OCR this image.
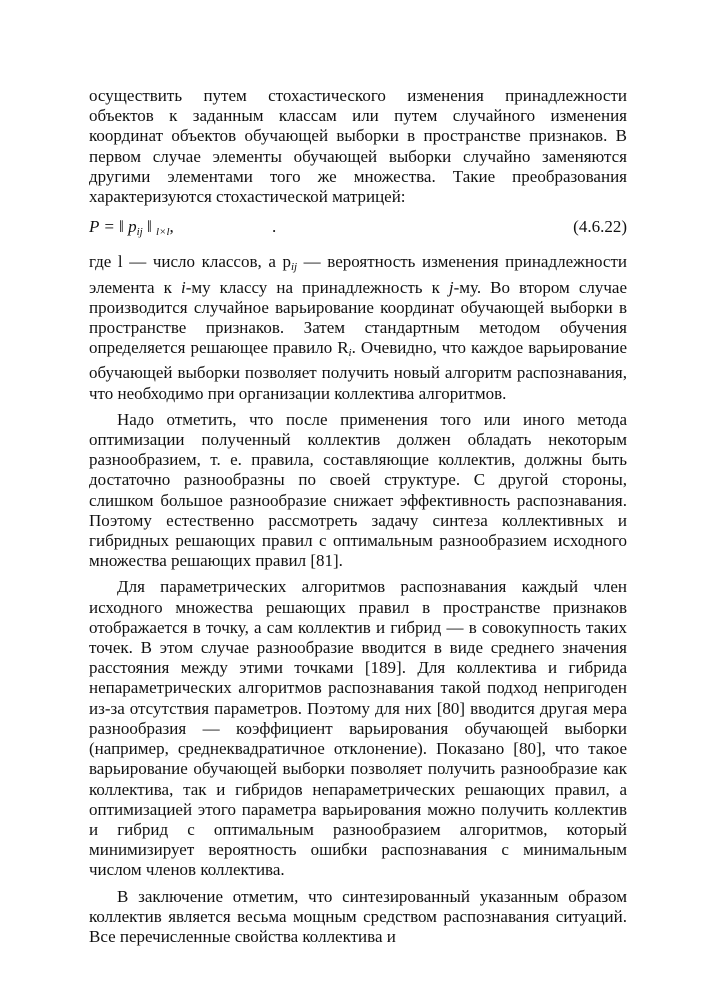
осуществить путем стохастического изменения принадлежности объектов к заданным классам или путем случайного изменения координат объектов обучающей выборки в пространстве признаков. В первом случае элементы обучающей выборки случайно заменяются другими элементами того же множества. Такие преобразования характеризуются стохастической матрицей:

P = ‖ $p_{ij}$ ‖ $_{l\times l}$,	.	(4.6.22)

где l — число классов, а $p_{ij}$ — вероятность изменения принадлежности элемента к i-му классу на принадлежность к j-му. Во втором случае производится случайное варьирование координат обучающей выборки в пространстве признаков. Затем стандартным методом обучения определяется решающее правило $R_i$. Очевидно, что каждое варьирование обучающей выборки позволяет получить новый алгоритм распознавания, что необходимо при организации коллектива алгоритмов.

Надо отметить, что после применения того или иного метода оптимизации полученный коллектив должен обладать некоторым разнообразием, т. е. правила, составляющие коллектив, должны быть достаточно разнообразны по своей структуре. С другой стороны, слишком большое разнообразие снижает эффективность распознавания. Поэтому естественно рассмотреть задачу синтеза коллективных и гибридных решающих правил с оптимальным разнообразием исходного множества решающих правил [81].

Для параметрических алгоритмов распознавания каждый член исходного множества решающих правил в пространстве признаков отображается в точку, а сам коллектив и гибрид — в совокупность таких точек. В этом случае разнообразие вводится в виде среднего значения расстояния между этими точками [189]. Для коллектива и гибрида непараметрических алгоритмов распознавания такой подход непригоден из-за отсутствия параметров. Поэтому для них [80] вводится другая мера разнообразия — коэффициент варьирования обучающей выборки (например, среднеквадратичное отклонение). Показано [80], что такое варьирование обучающей выборки позволяет получить разнообразие как коллектива, так и гибридов непараметрических решающих правил, а оптимизацией этого параметра варьирования можно получить коллектив и гибрид с оптимальным разнообразием алгоритмов, который минимизирует вероятность ошибки распознавания с минимальным числом членов коллектива.

В заключение отметим, что синтезированный указанным образом коллектив является весьма мощным средством распознавания ситуаций. Все перечисленные свойства коллектива и
